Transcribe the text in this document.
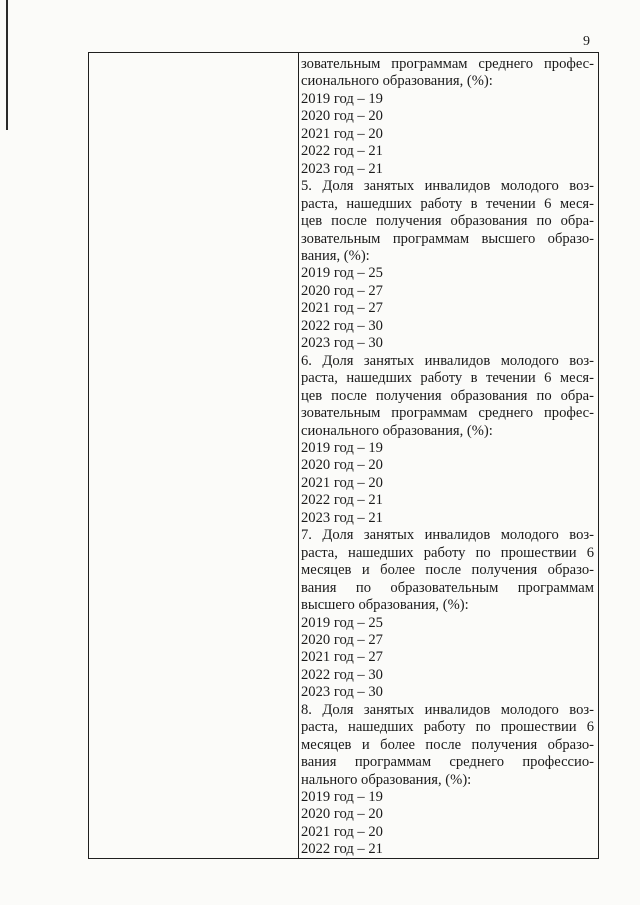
9

зовательным программам среднего профес-

сионального образования, (%):

2019 год – 19

2020 год – 20

2021 год – 20

2022 год – 21

2023 год – 21

5. Доля занятых инвалидов молодого воз-

раста, нашедших работу в течении 6 меся-

цев после получения образования по обра-

зовательным программам высшего образо-

вания, (%):

2019 год – 25

2020 год – 27

2021 год – 27

2022 год – 30

2023 год – 30

6. Доля занятых инвалидов молодого воз-

раста, нашедших работу в течении 6 меся-

цев после получения образования по обра-

зовательным программам среднего профес-

сионального образования, (%):

2019 год – 19

2020 год – 20

2021 год – 20

2022 год – 21

2023 год – 21

7. Доля занятых инвалидов молодого воз-

раста, нашедших работу по прошествии 6

месяцев и более после получения образо-

вания по образовательным программам

высшего образования, (%):

2019 год – 25

2020 год – 27

2021 год – 27

2022 год – 30

2023 год – 30

8. Доля занятых инвалидов молодого воз-

раста, нашедших работу по прошествии 6

месяцев и более после получения образо-

вания программам среднего профессио-

нального образования, (%):

2019 год – 19

2020 год – 20

2021 год – 20

2022 год – 21
